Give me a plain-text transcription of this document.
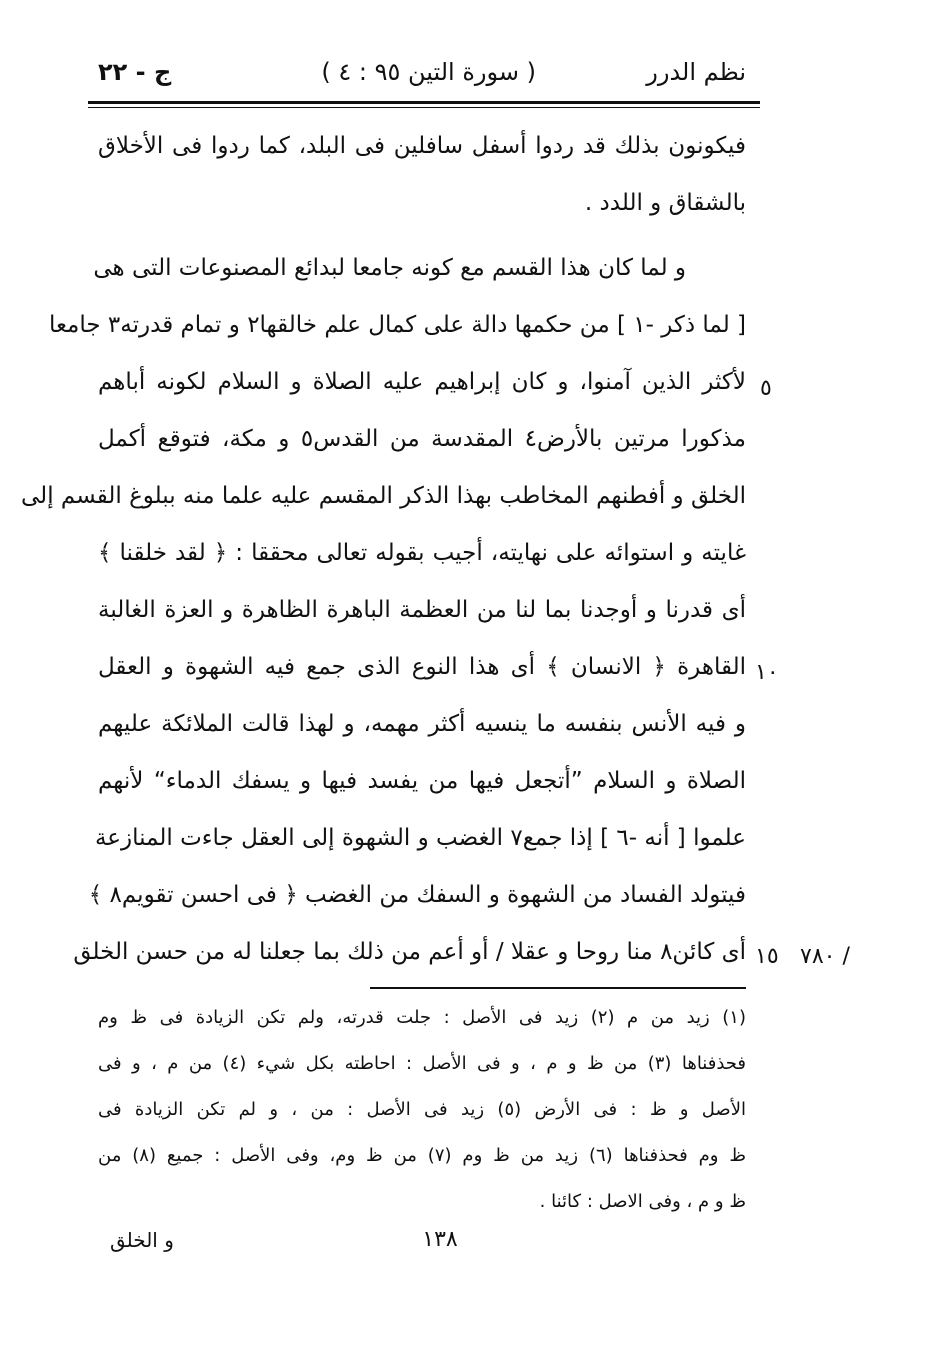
نظم الدرر
( سورة التين ٩٥ : ٤ )
ج - ٢٢
فيكونون بذلك قد ردوا أسفل سافلين فى البلد، كما ردوا فى الأخلاق
بالشقاق و اللدد .
و لما كان هذا القسم مع كونه جامعا لبدائع المصنوعات التى هى
[ لما ذكر -١ ] من حكمها دالة على كمال علم خالقها٢ و تمام قدرته٣ جامعا
لأكثر الذين آمنوا، و كان إبراهيم عليه الصلاة و السلام لكونه أباهم
مذكورا مرتين بالأرض٤ المقدسة من القدس٥ و مكة، فتوقع أكمل
الخلق و أفطنهم المخاطب بهذا الذكر المقسم عليه علما منه ببلوغ القسم إلى
غايته و استوائه على نهايته، أجيب بقوله تعالى محققا : ﴿ لقد خلقنا ﴾
أى قدرنا و أوجدنا بما لنا من العظمة الباهرة الظاهرة و العزة الغالبة
القاهرة ﴿ الانسان ﴾ أى هذا النوع الذى جمع فيه الشهوة و العقل
و فيه الأنس بنفسه ما ينسيه أكثر مهمه، و لهذا قالت الملائكة عليهم
الصلاة و السلام ”أتجعل فيها من يفسد فيها و يسفك الدماء“ لأنهم
علموا [ أنه -٦ ] إذا جمع٧ الغضب و الشهوة إلى العقل جاءت المنازعة
فيتولد الفساد من الشهوة و السفك من الغضب ﴿ فى احسن تقويم٨ ﴾
أى كائن٨ منا روحا و عقلا / أو أعم من ذلك بما جعلنا له من حسن الخلق
٥
١٠
١٥ ٧٨٠ /
(١) زيد من م (٢) زيد فى الأصل : جلت قدرته، ولم تكن الزيادة فى ظ وم
فحذفناها (٣) من ظ و م ، و فى الأصل : احاطته بكل شيء (٤) من م ، و فى
الأصل و ظ : فى الأرض (٥) زيد فى الأصل : من ، و لم تكن الزيادة فى
ظ وم فحذفناها (٦) زيد من ظ وم (٧) من ظ وم، وفى الأصل : جميع (٨) من
ظ و م ، وفى الاصل : كائنا .
و الخلق	١٣٨
